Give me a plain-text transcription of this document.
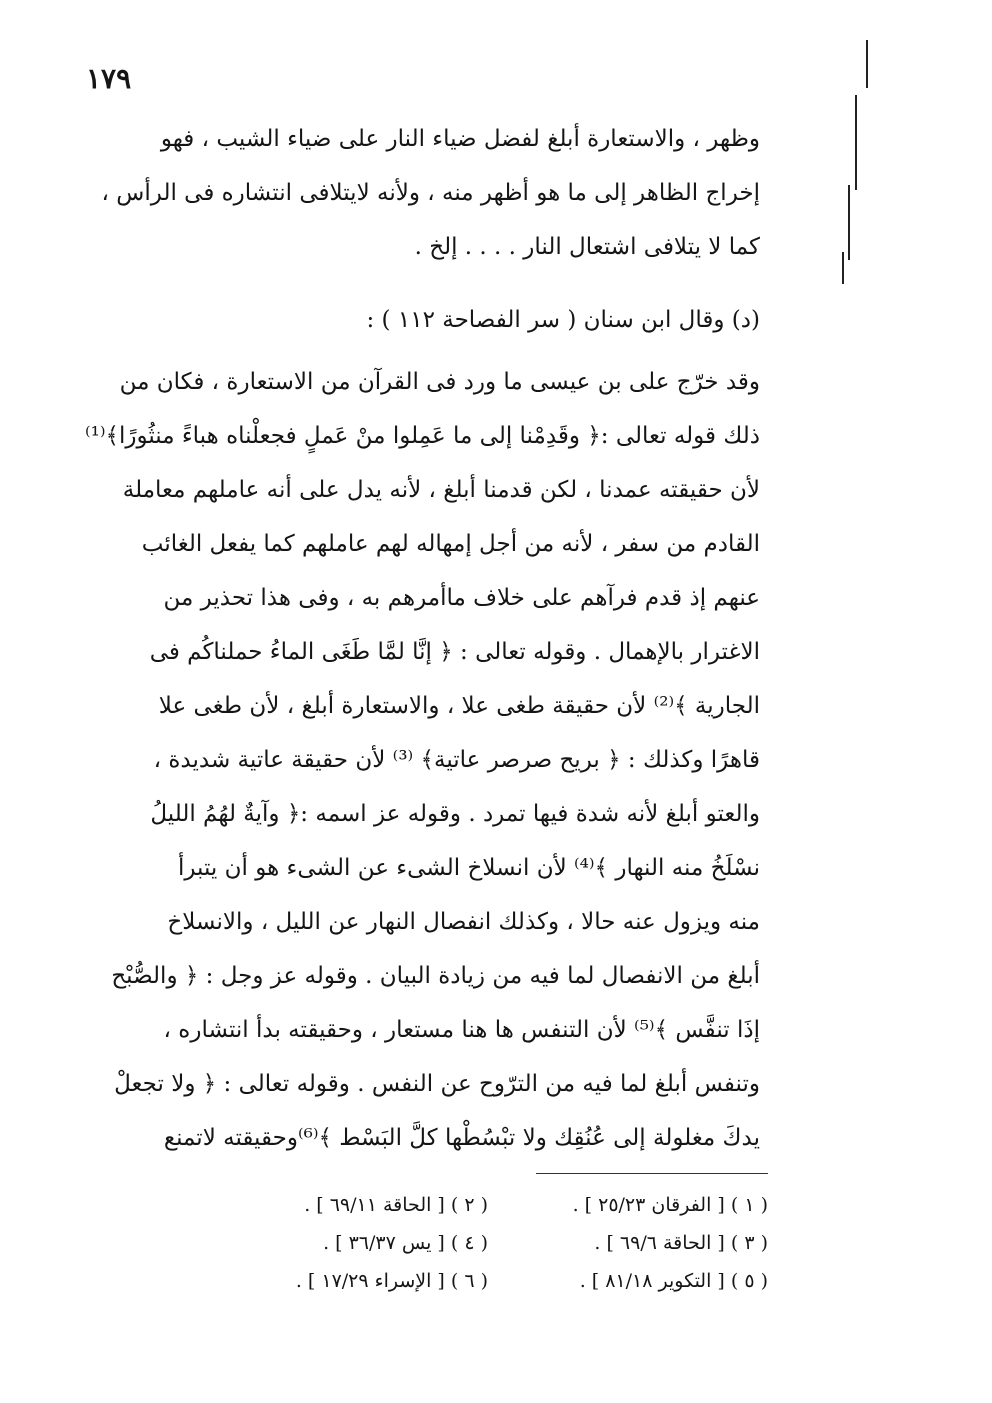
١٧٩
وظهر ، والاستعارة أبلغ لفضل ضياء النار على ضياء الشيب ، فهو
إخراج الظاهر إلى ما هو أظهر منه ، ولأنه لايتلافى انتشاره فى الرأس ،
كما لا يتلافى اشتعال النار . . . . إلخ .
(د) وقال ابن سنان ( سر الفصاحة ١١٢ ) :
وقد خرّج على بن عيسى ما ورد فى القرآن من الاستعارة ، فكان من
ذلك قوله تعالى :﴿ وقَدِمْنا إلى ما عَمِلوا منْ عَملٍ فجعلْناه هباءً منثُورًا﴾⁽¹⁾
لأن حقيقته عمدنا ، لكن قدمنا أبلغ ، لأنه يدل على أنه عاملهم معاملة
القادم من سفر ، لأنه من أجل إمهاله لهم عاملهم كما يفعل الغائب
عنهم إذ قدم فرآهم على خلاف ماأمرهم به ، وفى هذا تحذير من
الاغترار بالإهمال . وقوله تعالى : ﴿ إنَّا لمَّا طَغَى الماءُ حملناكُم فى
الجارية ﴾⁽²⁾ لأن حقيقة طغى علا ، والاستعارة أبلغ ، لأن طغى علا
قاهرًا وكذلك : ﴿ بريح صرصر عاتية﴾ ⁽³⁾ لأن حقيقة عاتية شديدة ،
والعتو أبلغ لأنه شدة فيها تمرد . وقوله عز اسمه :﴿ وآيةٌ لهُمُ الليلُ
نسْلَخُ منه النهار ﴾⁽⁴⁾ لأن انسلاخ الشىء عن الشىء هو أن يتبرأ
منه ويزول عنه حالا ، وكذلك انفصال النهار عن الليل ، والانسلاخ
أبلغ من الانفصال لما فيه من زيادة البيان . وقوله عز وجل : ﴿ والصُّبْح
إذَا تنفَّس ﴾⁽⁵⁾ لأن التنفس ها هنا مستعار ، وحقيقته بدأ انتشاره ،
وتنفس أبلغ لما فيه من الترّوح عن النفس . وقوله تعالى : ﴿ ولا تجعلْ
يدكَ مغلولة إلى عُنُقِك ولا تبْسُطْها كلَّ البَسْط ﴾⁽⁶⁾وحقيقته لاتمنع
( ١ ) [ الفرقان ٢٥/٢٣ ] .
( ٢ ) [ الحاقة ٦٩/١١ ] .
( ٣ ) [ الحاقة ٦٩/٦ ] .
( ٤ ) [ يس ٣٦/٣٧ ] .
( ٥ ) [ التكوير ٨١/١٨ ] .
( ٦ ) [ الإسراء ١٧/٢٩ ] .
